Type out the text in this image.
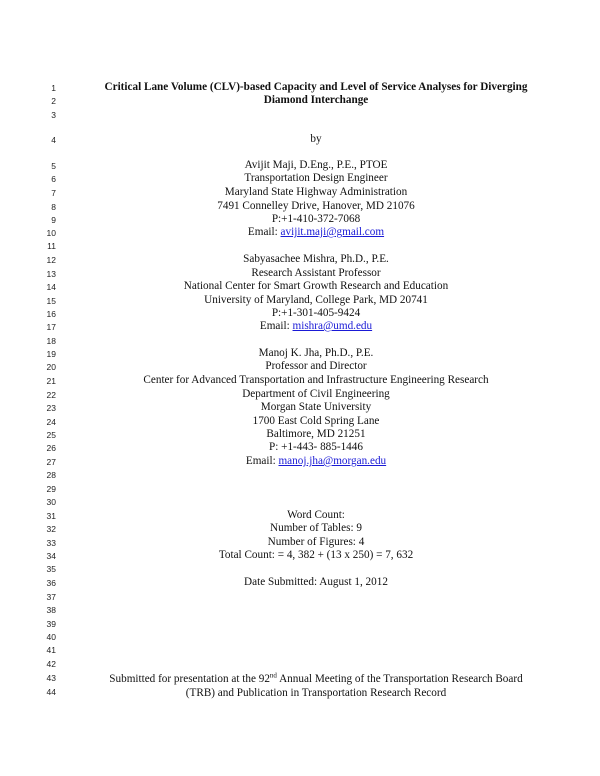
1
2
3
4
5
6
7
8
9
10
11
12
13
14
15
16
17
18
19
20
21
22
23
24
25
26
27
28
29
30
31
32
33
34
35
36
37
38
39
40
41
42
43
44
Critical Lane Volume (CLV)-based Capacity and Level of Service Analyses for Diverging
Diamond Interchange
by
Avijit Maji, D.Eng., P.E., PTOE
Transportation Design Engineer
Maryland State Highway Administration
7491 Connelley Drive, Hanover, MD 21076
P:+1-410-372-7068
Email: avijit.maji@gmail.com
Sabyasachee Mishra, Ph.D., P.E.
Research Assistant Professor
National Center for Smart Growth Research and Education
University of Maryland, College Park, MD 20741
P:+1-301-405-9424
Email: mishra@umd.edu
Manoj K. Jha, Ph.D., P.E.
Professor and Director
Center for Advanced Transportation and Infrastructure Engineering Research
Department of Civil Engineering
Morgan State University
1700 East Cold Spring Lane
Baltimore, MD 21251
P: +1-443- 885-1446
Email: manoj.jha@morgan.edu
Word Count:
Number of Tables: 9
Number of Figures: 4
Total Count: = 4, 382 + (13 x 250) = 7, 632
Date Submitted: August 1, 2012
Submitted for presentation at the 92nd Annual Meeting of the Transportation Research Board
(TRB) and Publication in Transportation Research Record
